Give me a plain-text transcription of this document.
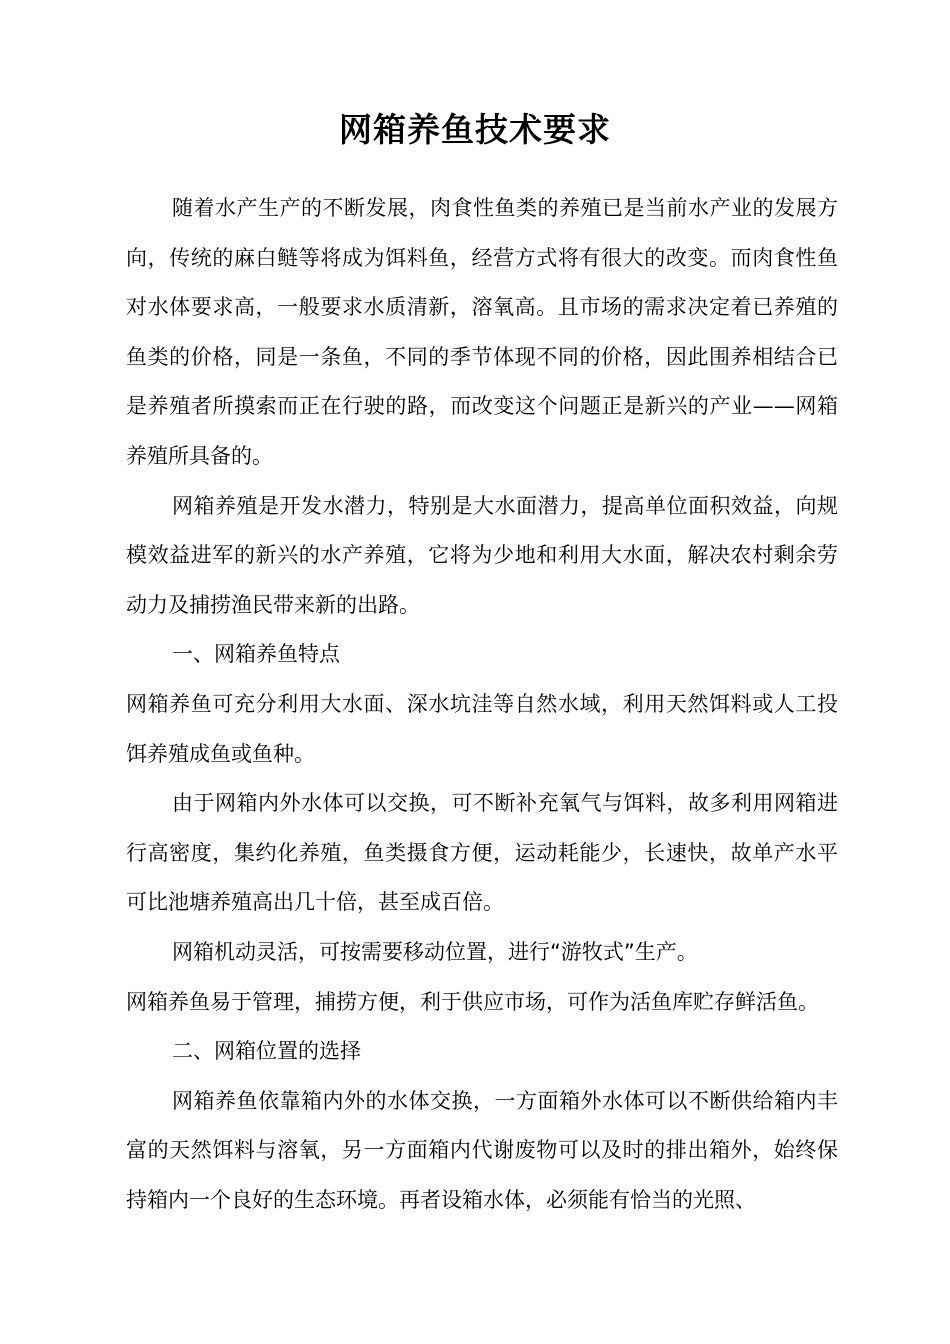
网箱养鱼技术要求

随着水产生产的不断发展，肉食性鱼类的养殖已是当前水产业的发展方向，传统的麻白鲢等将成为饵料鱼，经营方式将有很大的改变。而肉食性鱼对水体要求高，一般要求水质清新，溶氧高。且市场的需求决定着已养殖的鱼类的价格，同是一条鱼，不同的季节体现不同的价格，因此围养相结合已是养殖者所摸索而正在行驶的路，而改变这个问题正是新兴的产业——网箱养殖所具备的。

网箱养殖是开发水潜力，特别是大水面潜力，提高单位面积效益，向规模效益进军的新兴的水产养殖，它将为少地和利用大水面，解决农村剩余劳动力及捕捞渔民带来新的出路。

一、网箱养鱼特点

网箱养鱼可充分利用大水面、深水坑洼等自然水域，利用天然饵料或人工投饵养殖成鱼或鱼种。

由于网箱内外水体可以交换，可不断补充氧气与饵料，故多利用网箱进行高密度，集约化养殖，鱼类摄食方便，运动耗能少，长速快，故单产水平可比池塘养殖高出几十倍，甚至成百倍。

网箱机动灵活，可按需要移动位置，进行“游牧式”生产。

网箱养鱼易于管理，捕捞方便，利于供应市场，可作为活鱼库贮存鲜活鱼。

二、网箱位置的选择

网箱养鱼依靠箱内外的水体交换，一方面箱外水体可以不断供给箱内丰富的天然饵料与溶氧，另一方面箱内代谢废物可以及时的排出箱外，始终保持箱内一个良好的生态环境。再者设箱水体，必须能有恰当的光照、
